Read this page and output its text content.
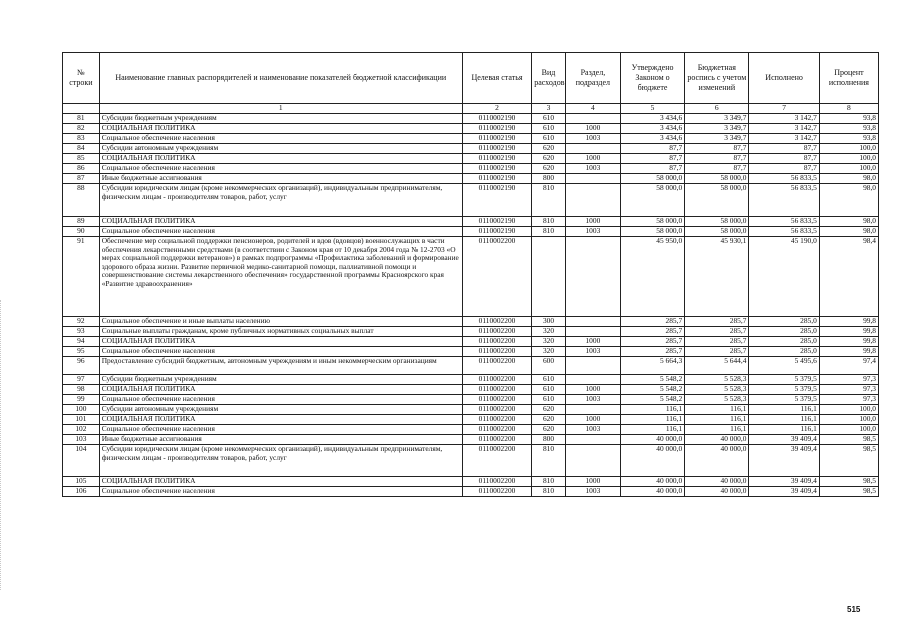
№ строки	Наименование главных распорядителей и наименование показателей бюджетной классификации	Целевая статья	Вид расходов	Раздел, подраздел	Утверждено Законом о бюджете	Бюджетная роспись с учетом изменений	Исполнено	Процент исполнения
	1	2	3	4	5	6	7	8
81	Субсидии бюджетным учреждениям	0110002190	610		3 434,6	3 349,7	3 142,7	93,8
82	СОЦИАЛЬНАЯ ПОЛИТИКА	0110002190	610	1000	3 434,6	3 349,7	3 142,7	93,8
83	Социальное обеспечение населения	0110002190	610	1003	3 434,6	3 349,7	3 142,7	93,8
84	Субсидии автономным учреждениям	0110002190	620		87,7	87,7	87,7	100,0
85	СОЦИАЛЬНАЯ ПОЛИТИКА	0110002190	620	1000	87,7	87,7	87,7	100,0
86	Социальное обеспечение населения	0110002190	620	1003	87,7	87,7	87,7	100,0
87	Иные бюджетные ассигнования	0110002190	800		58 000,0	58 000,0	56 833,5	98,0
88	Субсидии юридическим лицам (кроме некоммерческих организаций), индивидуальным предпринимателям, физическим лицам - производителям товаров, работ, услуг	0110002190	810		58 000,0	58 000,0	56 833,5	98,0
89	СОЦИАЛЬНАЯ ПОЛИТИКА	0110002190	810	1000	58 000,0	58 000,0	56 833,5	98,0
90	Социальное обеспечение населения	0110002190	810	1003	58 000,0	58 000,0	56 833,5	98,0
91	Обеспечение мер социальной поддержки пенсионеров, родителей и вдов (вдовцов) военнослужащих в части обеспечения лекарственными средствами (в соответствии с Законом края от 10 декабря 2004 года № 12-2703 «О мерах социальной поддержки ветеранов») в рамках подпрограммы «Профилактика заболеваний и формирование здорового образа жизни. Развитие первичной медико-санитарной помощи, паллиативной помощи и совершенствование системы лекарственного обеспечения» государственной программы Красноярского края «Развитие здравоохранения»	0110002200			45 950,0	45 930,1	45 190,0	98,4
92	Социальное обеспечение и иные выплаты населению	0110002200	300		285,7	285,7	285,0	99,8
93	Социальные выплаты гражданам, кроме публичных нормативных социальных выплат	0110002200	320		285,7	285,7	285,0	99,8
94	СОЦИАЛЬНАЯ ПОЛИТИКА	0110002200	320	1000	285,7	285,7	285,0	99,8
95	Социальное обеспечение населения	0110002200	320	1003	285,7	285,7	285,0	99,8
96	Предоставление субсидий бюджетным, автономным учреждениям и иным некоммерческим организациям	0110002200	600		5 664,3	5 644,4	5 495,6	97,4
97	Субсидии бюджетным учреждениям	0110002200	610		5 548,2	5 528,3	5 379,5	97,3
98	СОЦИАЛЬНАЯ ПОЛИТИКА	0110002200	610	1000	5 548,2	5 528,3	5 379,5	97,3
99	Социальное обеспечение населения	0110002200	610	1003	5 548,2	5 528,3	5 379,5	97,3
100	Субсидии автономным учреждениям	0110002200	620		116,1	116,1	116,1	100,0
101	СОЦИАЛЬНАЯ ПОЛИТИКА	0110002200	620	1000	116,1	116,1	116,1	100,0
102	Социальное обеспечение населения	0110002200	620	1003	116,1	116,1	116,1	100,0
103	Иные бюджетные ассигнования	0110002200	800		40 000,0	40 000,0	39 409,4	98,5
104	Субсидии юридическим лицам (кроме некоммерческих организаций), индивидуальным предпринимателям, физическим лицам - производителям товаров, работ, услуг	0110002200	810		40 000,0	40 000,0	39 409,4	98,5
105	СОЦИАЛЬНАЯ ПОЛИТИКА	0110002200	810	1000	40 000,0	40 000,0	39 409,4	98,5
106	Социальное обеспечение населения	0110002200	810	1003	40 000,0	40 000,0	39 409,4	98,5
515
